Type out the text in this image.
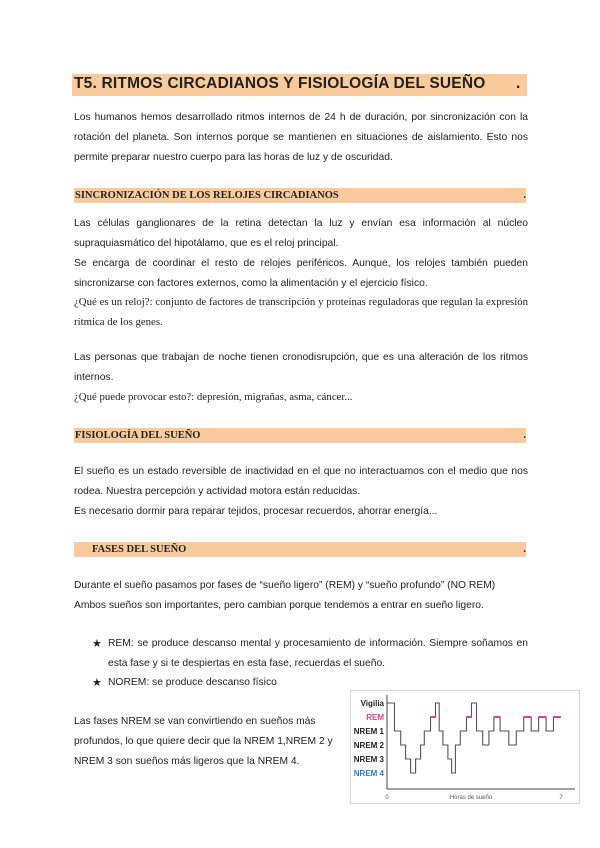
T5. RITMOS CIRCADIANOS Y FISIOLOGÍA DEL SUEÑO .

Los humanos hemos desarrollado ritmos internos de 24 h de duración, por sincronización con la rotación del planeta. Son internos porque se mantienen en situaciones de aislamiento. Esto nos permite preparar nuestro cuerpo para las horas de luz y de oscuridad.

SINCRONIZACIÓN DE LOS RELOJES CIRCADIANOS	.

Las células ganglionares de la retina detectan la luz y envían esa información al núcleo supraquiasmático del hipotálamo, que es el reloj principal.

Se encarga de coordinar el resto de relojes periféricos. Aunque, los relojes también pueden sincronizarse con factores externos, como la alimentación y el ejercicio físico.

¿Qué es un reloj?: conjunto de factores de transcripción y proteínas reguladoras que regulan la expresión rítmica de los genes.

Las personas que trabajan de noche tienen cronodisrupción, que es una alteración de los ritmos internos.

¿Qué puede provocar esto?: depresión, migrañas, asma, cáncer...

FISIOLOGÍA DEL SUEÑO	.

El sueño es un estado reversible de inactividad en el que no interactuamos con el medio que nos rodea. Nuestra percepción y actividad motora están reducidas.

Es necesario dormir para reparar tejidos, procesar recuerdos, ahorrar energía...

FASES DEL SUEÑO	.

Durante el sueño pasamos por fases de “sueño ligero” (REM) y “sueño profundo” (NO REM)

Ambos sueños son importantes, pero cambian porque tendemos a entrar en sueño ligero.

★ REM: se produce descanso mental y procesamiento de información. Siempre soñamos en esta fase y si te despiertas en esta fase, recuerdas el sueño.
★ NOREM: se produce descanso físico

Las fases NREM se van convirtiendo en sueños más profundos, lo que quiere decir que la NREM 1,NREM 2 y NREM 3 son sueños más ligeros que la NREM 4.

Vigilia
REM
NREM 1
NREM 2
NREM 3
NREM 4
0	7
Horas de sueño
